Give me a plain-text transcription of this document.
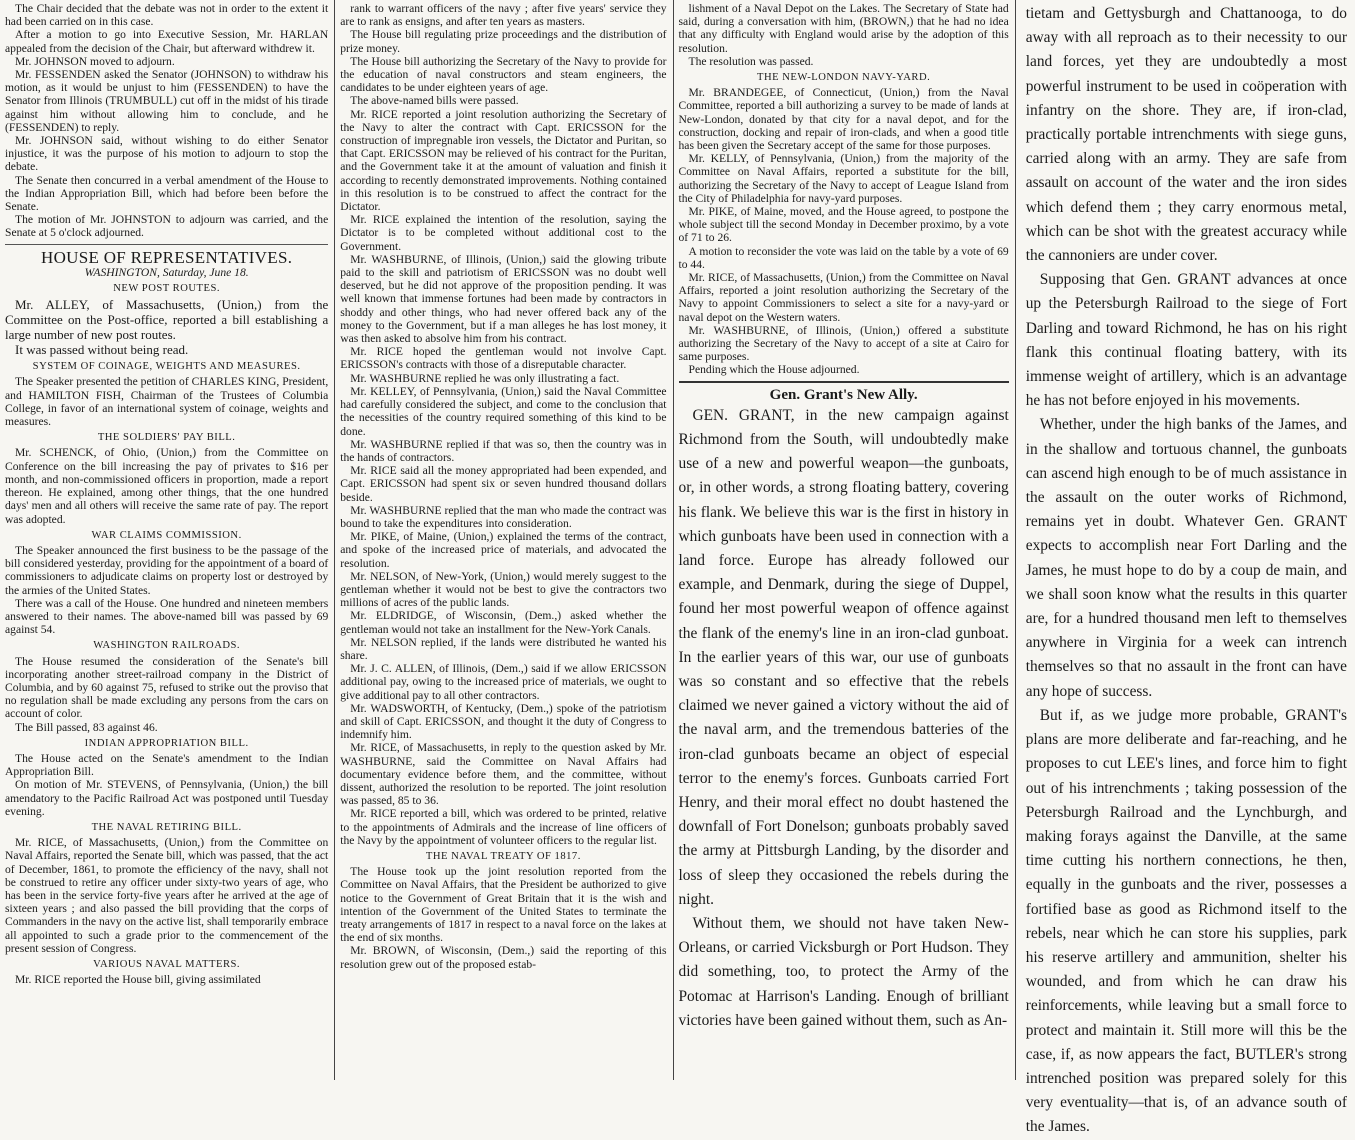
The Chair decided that the debate was not in order to the extent it had been carried on in this case.

After a motion to go into Executive Session, Mr. HARLAN appealed from the decision of the Chair, but afterward withdrew it.

Mr. JOHNSON moved to adjourn.

Mr. FESSENDEN asked the Senator (JOHNSON) to withdraw his motion, as it would be unjust to him (FESSENDEN) to have the Senator from Illinois (TRUMBULL) cut off in the midst of his tirade against him without allowing him to conclude, and he (FESSENDEN) to reply.

Mr. JOHNSON said, without wishing to do either Senator injustice, it was the purpose of his motion to adjourn to stop the debate.

The Senate then concurred in a verbal amendment of the House to the Indian Appropriation Bill, which had before been before the Senate.

The motion of Mr. JOHNSTON to adjourn was carried, and the Senate at 5 o'clock adjourned.

HOUSE OF REPRESENTATIVES.
WASHINGTON, Saturday, June 18.
NEW POST ROUTES.

Mr. ALLEY, of Massachusetts, (Union,) from the Committee on the Post-office, reported a bill establishing a large number of new post routes.

It was passed without being read.

SYSTEM OF COINAGE, WEIGHTS AND MEASURES.

The Speaker presented the petition of CHARLES KING, President, and HAMILTON FISH, Chairman of the Trustees of Columbia College, in favor of an international system of coinage, weights and measures.

THE SOLDIERS' PAY BILL.

Mr. SCHENCK, of Ohio, (Union,) from the Committee on Conference on the bill increasing the pay of privates to $16 per month, and non-commissioned officers in proportion, made a report thereon. He explained, among other things, that the one hundred days' men and all others will receive the same rate of pay. The report was adopted.

WAR CLAIMS COMMISSION.

The Speaker announced the first business to be the passage of the bill considered yesterday, providing for the appointment of a board of commissioners to adjudicate claims on property lost or destroyed by the armies of the United States.

There was a call of the House. One hundred and nineteen members answered to their names. The above-named bill was passed by 69 against 54.

WASHINGTON RAILROADS.

The House resumed the consideration of the Senate's bill incorporating another street-railroad company in the District of Columbia, and by 60 against 75, refused to strike out the proviso that no regulation shall be made excluding any persons from the cars on account of color.

The Bill passed, 83 against 46.

INDIAN APPROPRIATION BILL.

The House acted on the Senate's amendment to the Indian Appropriation Bill.

On motion of Mr. STEVENS, of Pennsylvania, (Union,) the bill amendatory to the Pacific Railroad Act was postponed until Tuesday evening.

THE NAVAL RETIRING BILL.

Mr. RICE, of Massachusetts, (Union,) from the Committee on Naval Affairs, reported the Senate bill, which was passed, that the act of December, 1861, to promote the efficiency of the navy, shall not be construed to retire any officer under sixty-two years of age, who has been in the service forty-five years after he arrived at the age of sixteen years ; and also passed the bill providing that the corps of Commanders in the navy on the active list, shall temporarily embrace all appointed to such a grade prior to the commencement of the present session of Congress.

VARIOUS NAVAL MATTERS.

Mr. RICE reported the House bill, giving assimilated

rank to warrant officers of the navy ; after five years' service they are to rank as ensigns, and after ten years as masters.

The House bill regulating prize proceedings and the distribution of prize money.

The House bill authorizing the Secretary of the Navy to provide for the education of naval constructors and steam engineers, the candidates to be under eighteen years of age.

The above-named bills were passed.

Mr. RICE reported a joint resolution authorizing the Secretary of the Navy to alter the contract with Capt. ERICSSON for the construction of impregnable iron vessels, the Dictator and Puritan, so that Capt. ERICSSON may be relieved of his contract for the Puritan, and the Government take it at the amount of valuation and finish it according to recently demonstrated improvements. Nothing contained in this resolution is to be construed to affect the contract for the Dictator.

Mr. RICE explained the intention of the resolution, saying the Dictator is to be completed without additional cost to the Government.

Mr. WASHBURNE, of Illinois, (Union,) said the glowing tribute paid to the skill and patriotism of ERICSSON was no doubt well deserved, but he did not approve of the proposition pending. It was well known that immense fortunes had been made by contractors in shoddy and other things, who had never offered back any of the money to the Government, but if a man alleges he has lost money, it was then asked to absolve him from his contract.

Mr. RICE hoped the gentleman would not involve Capt. ERICSSON's contracts with those of a disreputable character.

Mr. WASHBURNE replied he was only illustrating a fact.

Mr. KELLEY, of Pennsylvania, (Union,) said the Naval Committee had carefully considered the subject, and come to the conclusion that the necessities of the country required something of this kind to be done.

Mr. WASHBURNE replied if that was so, then the country was in the hands of contractors.

Mr. RICE said all the money appropriated had been expended, and Capt. ERICSSON had spent six or seven hundred thousand dollars beside.

Mr. WASHBURNE replied that the man who made the contract was bound to take the expenditures into consideration.

Mr. PIKE, of Maine, (Union,) explained the terms of the contract, and spoke of the increased price of materials, and advocated the resolution.

Mr. NELSON, of New-York, (Union,) would merely suggest to the gentleman whether it would not be best to give the contractors two millions of acres of the public lands.

Mr. ELDRIDGE, of Wisconsin, (Dem.,) asked whether the gentleman would not take an installment for the New-York Canals.

Mr. NELSON replied, if the lands were distributed he wanted his share.

Mr. J. C. ALLEN, of Illinois, (Dem.,) said if we allow ERICSSON additional pay, owing to the increased price of materials, we ought to give additional pay to all other contractors.

Mr. WADSWORTH, of Kentucky, (Dem.,) spoke of the patriotism and skill of Capt. ERICSSON, and thought it the duty of Congress to indemnify him.

Mr. RICE, of Massachusetts, in reply to the question asked by Mr. WASHBURNE, said the Committee on Naval Affairs had documentary evidence before them, and the committee, without dissent, authorized the resolution to be reported. The joint resolution was passed, 85 to 36.

Mr. RICE reported a bill, which was ordered to be printed, relative to the appointments of Admirals and the increase of line officers of the Navy by the appointment of volunteer officers to the regular list.

THE NAVAL TREATY OF 1817.

The House took up the joint resolution reported from the Committee on Naval Affairs, that the President be authorized to give notice to the Government of Great Britain that it is the wish and intention of the Government of the United States to terminate the treaty arrangements of 1817 in respect to a naval force on the lakes at the end of six months.

Mr. BROWN, of Wisconsin, (Dem.,) said the reporting of this resolution grew out of the proposed estab-

lishment of a Naval Depot on the Lakes. The Secretary of State had said, during a conversation with him, (BROWN,) that he had no idea that any difficulty with England would arise by the adoption of this resolution.

The resolution was passed.

THE NEW-LONDON NAVY-YARD.

Mr. BRANDEGEE, of Connecticut, (Union,) from the Naval Committee, reported a bill authorizing a survey to be made of lands at New-London, donated by that city for a naval depot, and for the construction, docking and repair of iron-clads, and when a good title has been given the Secretary accept of the same for those purposes.

Mr. KELLY, of Pennsylvania, (Union,) from the majority of the Committee on Naval Affairs, reported a substitute for the bill, authorizing the Secretary of the Navy to accept of League Island from the City of Philadelphia for navy-yard purposes.

Mr. PIKE, of Maine, moved, and the House agreed, to postpone the whole subject till the second Monday in December proximo, by a vote of 71 to 26.

A motion to reconsider the vote was laid on the table by a vote of 69 to 44.

Mr. RICE, of Massachusetts, (Union,) from the Committee on Naval Affairs, reported a joint resolution authorizing the Secretary of the Navy to appoint Commissioners to select a site for a navy-yard or naval depot on the Western waters.

Mr. WASHBURNE, of Illinois, (Union,) offered a substitute authorizing the Secretary of the Navy to accept of a site at Cairo for same purposes.

Pending which the House adjourned.

Gen. Grant's New Ally.

GEN. GRANT, in the new campaign against Richmond from the South, will undoubtedly make use of a new and powerful weapon—the gunboats, or, in other words, a strong floating battery, covering his flank. We believe this war is the first in history in which gunboats have been used in connection with a land force. Europe has already followed our example, and Denmark, during the siege of Duppel, found her most powerful weapon of offence against the flank of the enemy's line in an iron-clad gunboat. In the earlier years of this war, our use of gunboats was so constant and so effective that the rebels claimed we never gained a victory without the aid of the naval arm, and the tremendous batteries of the iron-clad gunboats became an object of especial terror to the enemy's forces. Gunboats carried Fort Henry, and their moral effect no doubt hastened the downfall of Fort Donelson; gunboats probably saved the army at Pittsburgh Landing, by the disorder and loss of sleep they occasioned the rebels during the night.

Without them, we should not have taken New-Orleans, or carried Vicksburgh or Port Hudson. They did something, too, to protect the Army of the Potomac at Harrison's Landing. Enough of brilliant victories have been gained without them, such as An-

tietam and Gettysburgh and Chattanooga, to do away with all reproach as to their necessity to our land forces, yet they are undoubtedly a most powerful instrument to be used in coöperation with infantry on the shore. They are, if iron-clad, practically portable intrenchments with siege guns, carried along with an army. They are safe from assault on account of the water and the iron sides which defend them ; they carry enormous metal, which can be shot with the greatest accuracy while the cannoniers are under cover.

Supposing that Gen. GRANT advances at once up the Petersburgh Railroad to the siege of Fort Darling and toward Richmond, he has on his right flank this continual floating battery, with its immense weight of artillery, which is an advantage he has not before enjoyed in his movements.

Whether, under the high banks of the James, and in the shallow and tortuous channel, the gunboats can ascend high enough to be of much assistance in the assault on the outer works of Richmond, remains yet in doubt. Whatever Gen. GRANT expects to accomplish near Fort Darling and the James, he must hope to do by a coup de main, and we shall soon know what the results in this quarter are, for a hundred thousand men left to themselves anywhere in Virginia for a week can intrench themselves so that no assault in the front can have any hope of success.

But if, as we judge more probable, GRANT's plans are more deliberate and far-reaching, and he proposes to cut LEE's lines, and force him to fight out of his intrenchments ; taking possession of the Petersburgh Railroad and the Lynchburgh, and making forays against the Danville, at the same time cutting his northern connections, he then, equally in the gunboats and the river, possesses a fortified base as good as Richmond itself to the rebels, near which he can store his supplies, park his reserve artillery and ammunition, shelter his wounded, and from which he can draw his reinforcements, while leaving but a small force to protect and maintain it. Still more will this be the case, if, as now appears the fact, BUTLER's strong intrenched position was prepared solely for this very eventuality—that is, of an advance south of the James.
